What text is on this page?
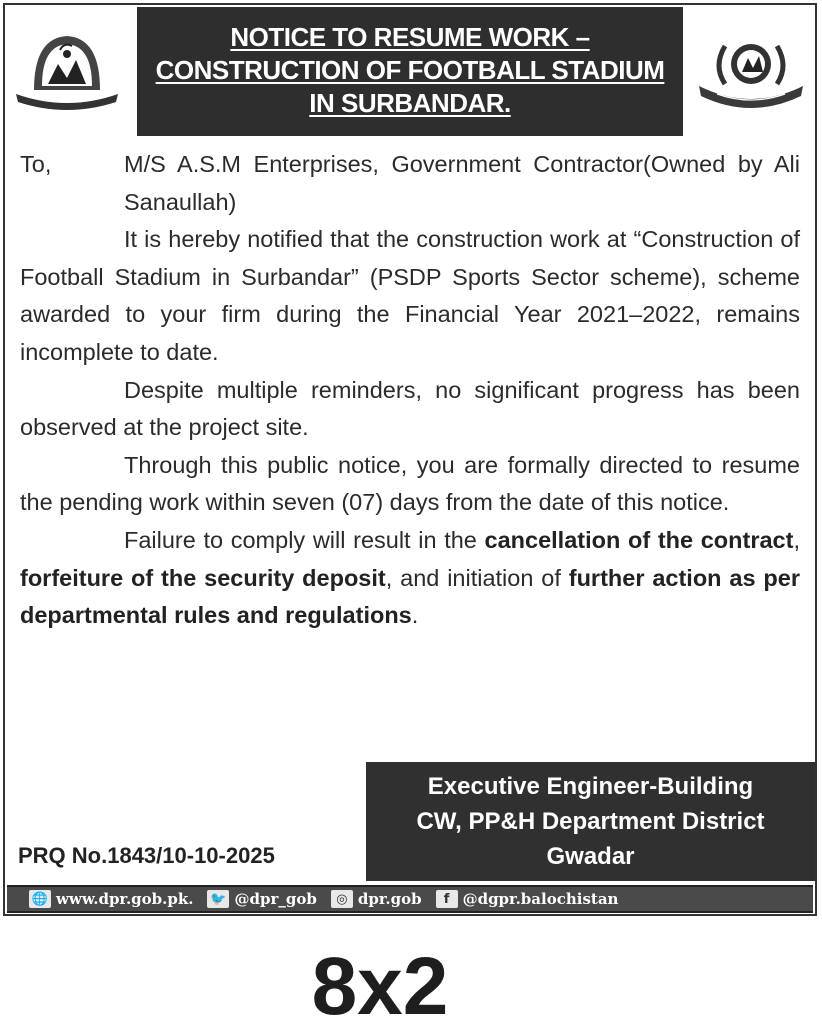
NOTICE TO RESUME WORK –
CONSTRUCTION OF FOOTBALL STADIUM
IN SURBANDAR.
To,	M/S A.S.M Enterprises, Government Contractor(Owned by Ali Sanaullah)

It is hereby notified that the construction work at “Construction of Football Stadium in Surbandar” (PSDP Sports Sector scheme), scheme awarded to your firm during the Financial Year 2021–2022, remains incomplete to date.

Despite multiple reminders, no significant progress has been observed at the project site.

Through this public notice, you are formally directed to resume the pending work within seven (07) days from the date of this notice.

Failure to comply will result in the cancellation of the contract, forfeiture of the security deposit, and initiation of further action as per departmental rules and regulations.

Executive Engineer-Building
CW, PP&H Department District
Gwadar
PRQ No.1843/10-10-2025
🌐 www.dpr.gob.pk. 🐦 @dpr_gob	◎ dpr.gob	f @dgpr.balochistan
8x2
